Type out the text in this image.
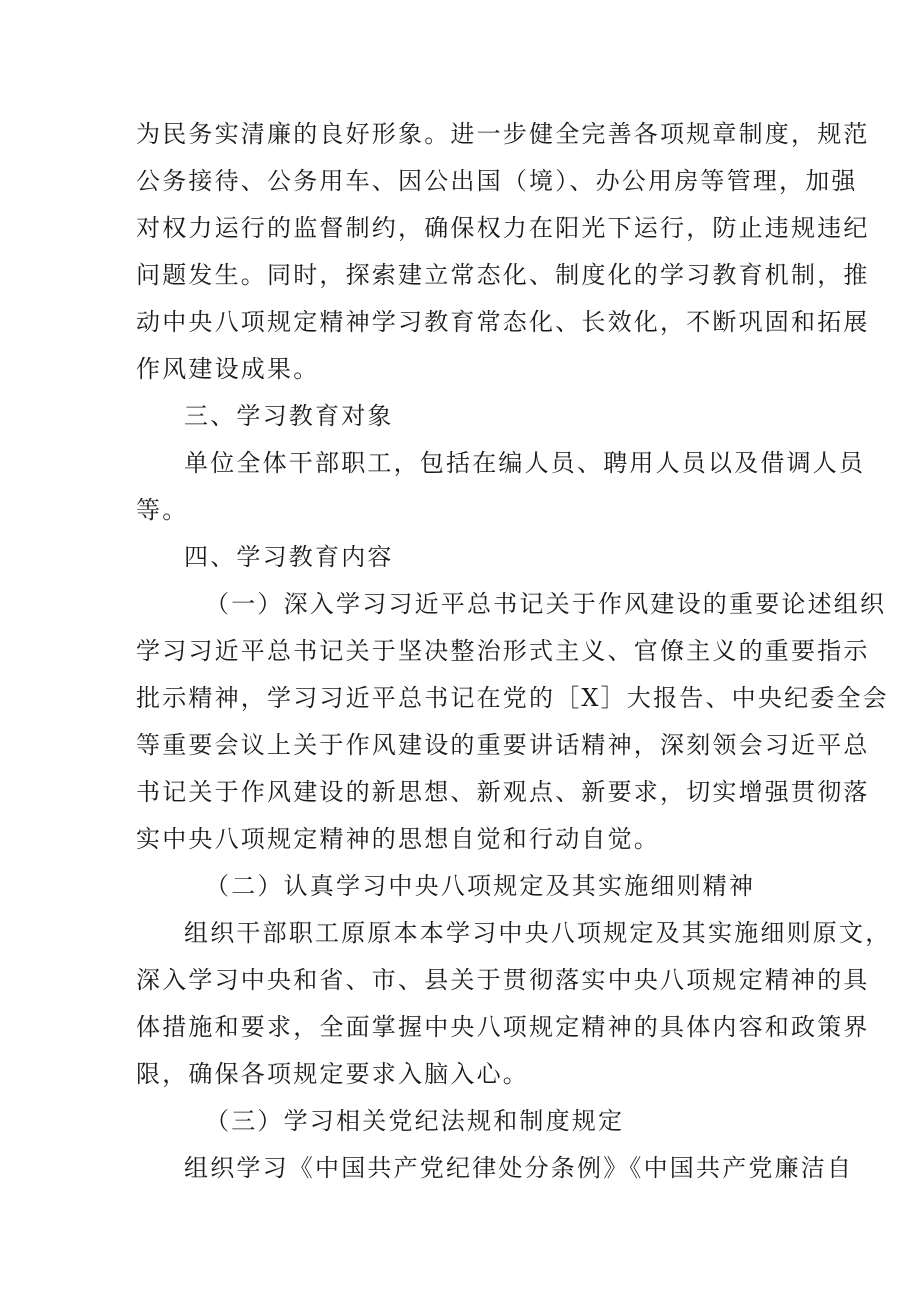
为民务实清廉的良好形象。进一步健全完善各项规章制度，规范
公务接待、公务用车、因公出国（境）、办公用房等管理，加强
对权力运行的监督制约，确保权力在阳光下运行，防止违规违纪
问题发生。同时，探索建立常态化、制度化的学习教育机制，推
动中央八项规定精神学习教育常态化、长效化，不断巩固和拓展
作风建设成果。
三、学习教育对象
单位全体干部职工，包括在编人员、聘用人员以及借调人员
等。
四、学习教育内容
（一）深入学习习近平总书记关于作风建设的重要论述组织
学习习近平总书记关于坚决整治形式主义、官僚主义的重要指示
批示精神，学习习近平总书记在党的［X］大报告、中央纪委全会
等重要会议上关于作风建设的重要讲话精神，深刻领会习近平总
书记关于作风建设的新思想、新观点、新要求，切实增强贯彻落
实中央八项规定精神的思想自觉和行动自觉。
（二）认真学习中央八项规定及其实施细则精神
组织干部职工原原本本学习中央八项规定及其实施细则原文，
深入学习中央和省、市、县关于贯彻落实中央八项规定精神的具
体措施和要求，全面掌握中央八项规定精神的具体内容和政策界
限，确保各项规定要求入脑入心。
（三）学习相关党纪法规和制度规定
组织学习《中国共产党纪律处分条例》《中国共产党廉洁自
